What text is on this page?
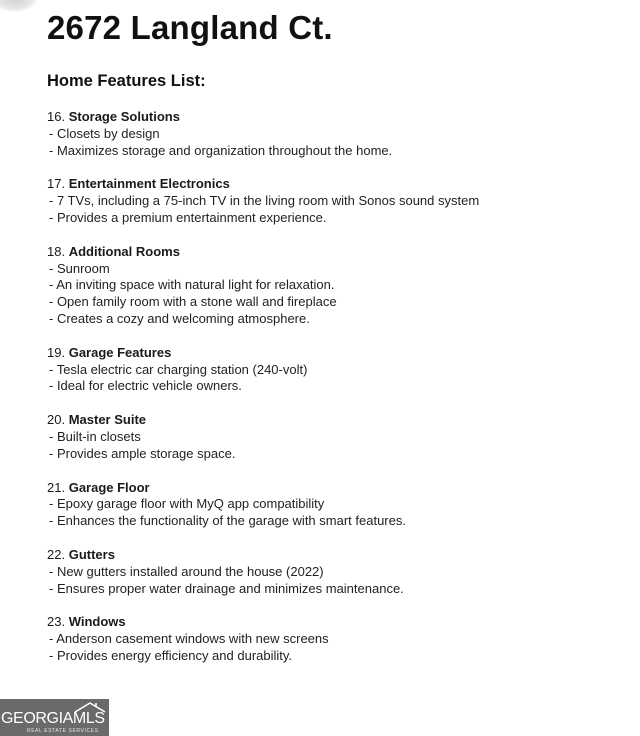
2672 Langland Ct.
Home Features List:
16. Storage Solutions
- Closets by design
- Maximizes storage and organization throughout the home.
17. Entertainment Electronics
- 7 TVs, including a 75-inch TV in the living room with Sonos sound system
- Provides a premium entertainment experience.
18. Additional Rooms
- Sunroom
- An inviting space with natural light for relaxation.
- Open family room with a stone wall and fireplace
- Creates a cozy and welcoming atmosphere.
19. Garage Features
- Tesla electric car charging station (240-volt)
- Ideal for electric vehicle owners.
20. Master Suite
- Built-in closets
- Provides ample storage space.
21. Garage Floor
- Epoxy garage floor with MyQ app compatibility
- Enhances the functionality of the garage with smart features.
22. Gutters
- New gutters installed around the house (2022)
- Ensures proper water drainage and minimizes maintenance.
23. Windows
- Anderson casement windows with new screens
- Provides energy efficiency and durability.
GEORGIAMLS
REAL ESTATE SERVICES
